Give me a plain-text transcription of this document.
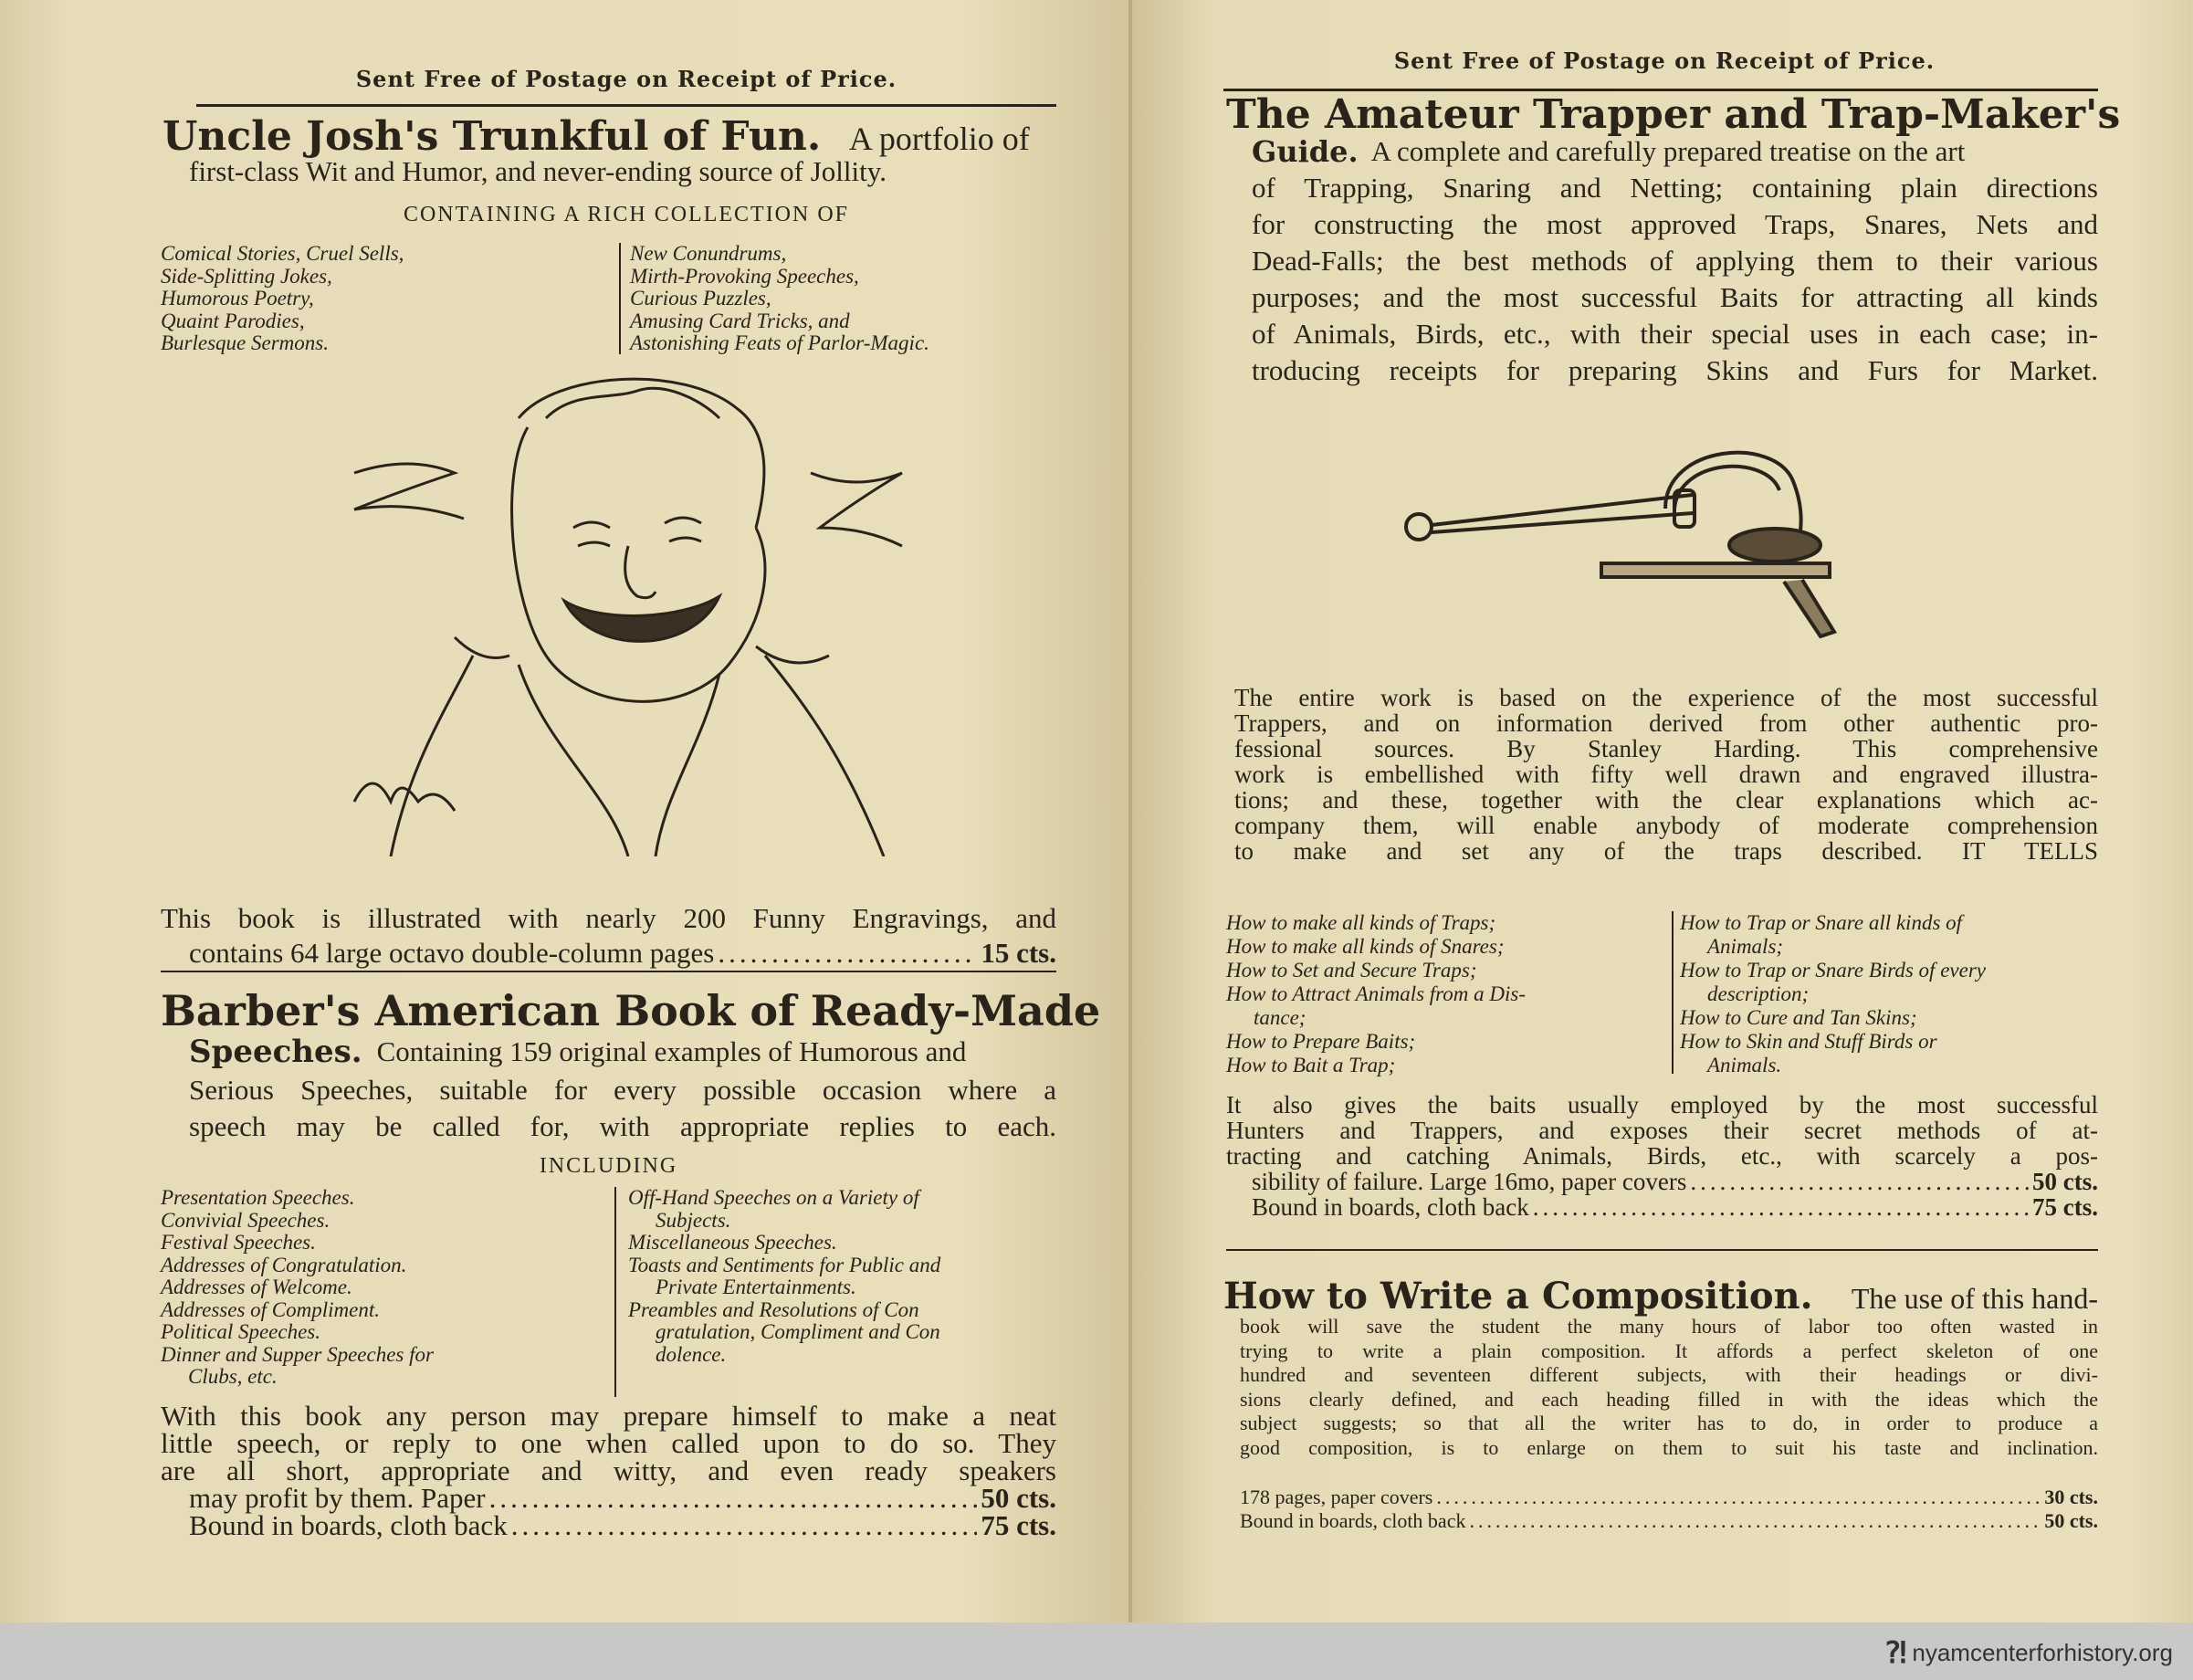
Sent Free of Postage on Receipt of Price.
Uncle Josh's Trunkful of Fun. A portfolio of
first-class Wit and Humor, and never-ending source of Jollity.
CONTAINING A RICH COLLECTION OF
Comical Stories, Cruel Sells,
Side-Splitting Jokes,
Humorous Poetry,
Quaint Parodies,
Burlesque Sermons.
New Conundrums,
Mirth-Provoking Speeches,
Curious Puzzles,
Amusing Card Tricks, and
Astonishing Feats of Parlor-Magic.
This book is illustrated with nearly 200 Funny Engravings, and
contains 64 large octavo double-column pages .....	15 cts.
Barber's American Book of Ready-Made
Speeches. Containing 159 original examples of Humorous and
Serious Speeches, suitable for every possible occasion where a
speech may be called for, with appropriate replies to each.
INCLUDING
Presentation Speeches.
Convivial Speeches.
Festival Speeches.
Addresses of Congratulation.
Addresses of Welcome.
Addresses of Compliment.
Political Speeches.
Dinner and Supper Speeches for
Clubs, etc.
Off-Hand Speeches on a Variety of
Subjects.
Miscellaneous Speeches.
Toasts and Sentiments for Public and
Private Entertainments.
Preambles and Resolutions of Con
gratulation, Compliment and Con
dolence.
With this book any person may prepare himself to make a neat
little speech, or reply to one when called upon to do so. They
are all short, appropriate and witty, and even ready speakers
may profit by them. Paper .....	50 cts.
Bound in boards, cloth back .....	75 cts.
Sent Free of Postage on Receipt of Price.
The Amateur Trapper and Trap-Maker's
Guide. A complete and carefully prepared treatise on the art
of Trapping, Snaring and Netting; containing plain directions
for constructing the most approved Traps, Snares, Nets and
Dead-Falls; the best methods of applying them to their various
purposes; and the most successful Baits for attracting all kinds
of Animals, Birds, etc., with their special uses in each case; in-
troducing receipts for preparing Skins and Furs for Market.
The entire work is based on the experience of the most successful
Trappers, and on information derived from other authentic pro-
fessional sources. By Stanley Harding. This comprehensive
work is embellished with fifty well drawn and engraved illustra-
tions; and these, together with the clear explanations which ac-
company them, will enable anybody of moderate comprehension
to make and set any of the traps described. IT TELLS
How to make all kinds of Traps;
How to make all kinds of Snares;
How to Set and Secure Traps;
How to Attract Animals from a Dis-
tance;
How to Prepare Baits;
How to Bait a Trap;
How to Trap or Snare all kinds of
Animals;
How to Trap or Snare Birds of every
description;
How to Cure and Tan Skins;
How to Skin and Stuff Birds or
Animals.
It also gives the baits usually employed by the most successful
Hunters and Trappers, and exposes their secret methods of at-
tracting and catching Animals, Birds, etc., with scarcely a pos-
sibility of failure. Large 16mo, paper covers .....	50 cts.
Bound in boards, cloth back .....	75 cts.
How to Write a Composition. The use of this hand-
book will save the student the many hours of labor too often wasted in
trying to write a plain composition. It affords a perfect skeleton of one
hundred and seventeen different subjects, with their headings or divi-
sions clearly defined, and each heading filled in with the ideas which the
subject suggests; so that all the writer has to do, in order to produce a
good composition, is to enlarge on them to suit his taste and inclination.
178 pages, paper covers .....	30 cts.
Bound in boards, cloth back .....	50 cts.
⁈ nyamcenterforhistory.org
